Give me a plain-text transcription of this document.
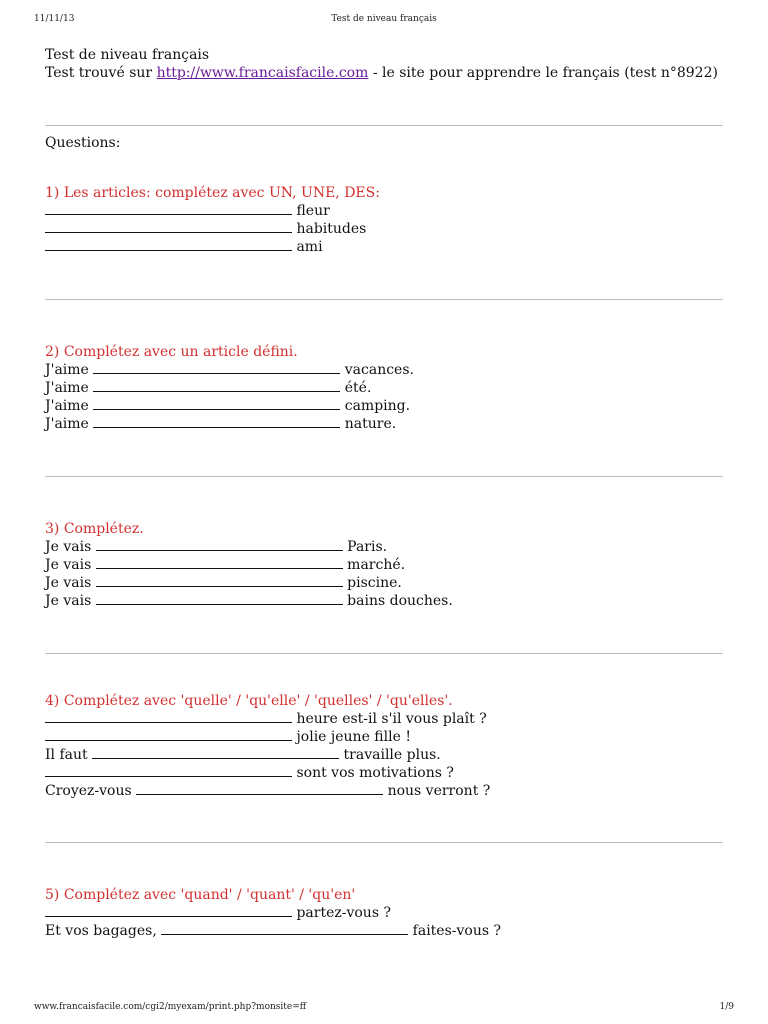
11/11/13	Test de niveau français
Test de niveau français
Test trouvé sur http://www.francaisfacile.com - le site pour apprendre le français (test n°8922)
Questions:
1) Les articles: complétez avec UN, UNE, DES:
fleur
habitudes
ami
2) Complétez avec un article défini.
J'aime	vacances.
J'aime	été.
J'aime	camping.
J'aime	nature.
3) Complétez.
Je vais	Paris.
Je vais	marché.
Je vais	piscine.
Je vais	bains douches.
4) Complétez avec 'quelle' / 'qu'elle' / 'quelles' / 'qu'elles'.
heure est-il s'il vous plaît ?
jolie jeune fille !
Il faut	travaille plus.
sont vos motivations ?
Croyez-vous	nous verront ?
5) Complétez avec 'quand' / 'quant' / 'qu'en'
partez-vous ?
Et vos bagages,	faites-vous ?
www.francaisfacile.com/cgi2/myexam/print.php?monsite=ff	1/9
